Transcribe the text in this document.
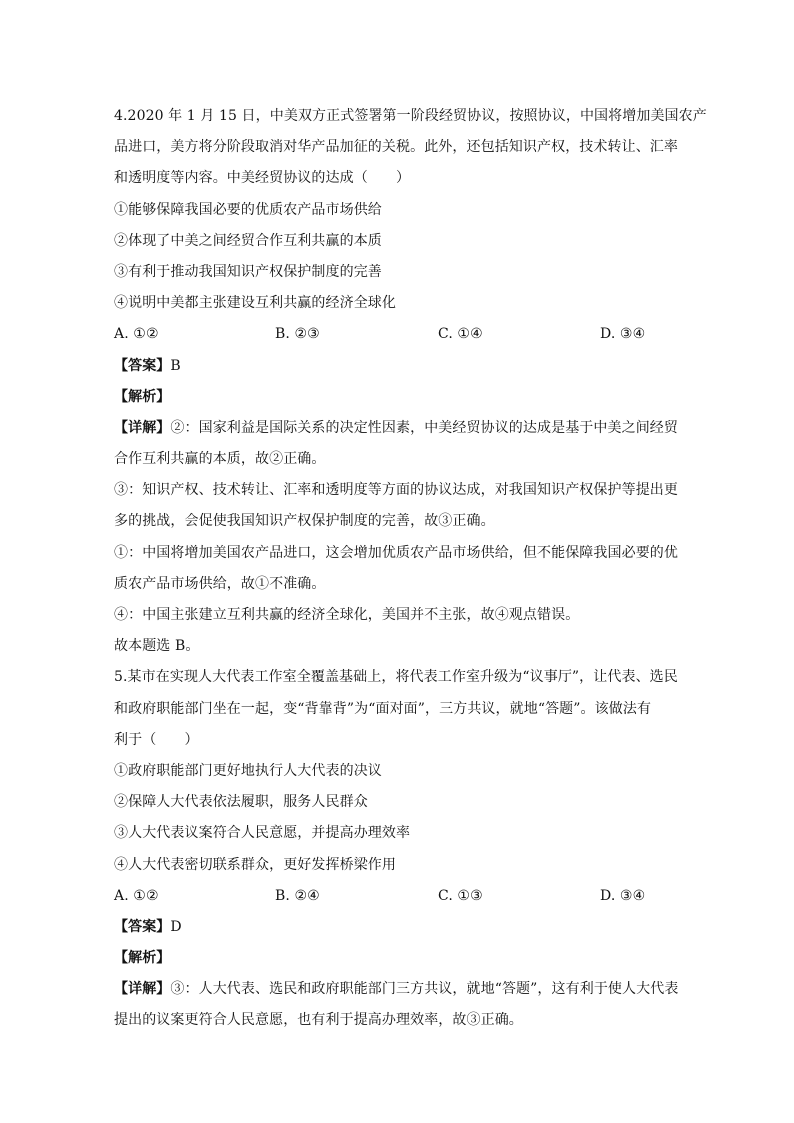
4.2020 年 1 月 15 日，中美双方正式签署第一阶段经贸协议，按照协议，中国将增加美国农产
品进口，美方将分阶段取消对华产品加征的关税。此外，还包括知识产权，技术转让、汇率
和透明度等内容。中美经贸协议的达成（　　）
①能够保障我国必要的优质农产品市场供给
②体现了中美之间经贸合作互利共赢的本质
③有利于推动我国知识产权保护制度的完善
④说明中美都主张建设互利共赢的经济全球化
A. ①②	B. ②③	C. ①④	D. ③④
【答案】B
【解析】
【详解】②：国家利益是国际关系的决定性因素，中美经贸协议的达成是基于中美之间经贸
合作互利共赢的本质，故②正确。
③：知识产权、技术转让、汇率和透明度等方面的协议达成，对我国知识产权保护等提出更
多的挑战，会促使我国知识产权保护制度的完善，故③正确。
①：中国将增加美国农产品进口，这会增加优质农产品市场供给，但不能保障我国必要的优
质农产品市场供给，故①不准确。
④：中国主张建立互利共赢的经济全球化，美国并不主张，故④观点错误。
故本题选 B。
5.某市在实现人大代表工作室全覆盖基础上，将代表工作室升级为“议事厅”，让代表、选民
和政府职能部门坐在一起，变“背靠背”为“面对面”，三方共议，就地“答题”。该做法有
利于（　　）
①政府职能部门更好地执行人大代表的决议
②保障人大代表依法履职，服务人民群众
③人大代表议案符合人民意愿，并提高办理效率
④人大代表密切联系群众，更好发挥桥梁作用
A. ①②	B. ②④	C. ①③	D. ③④
【答案】D
【解析】
【详解】③：人大代表、选民和政府职能部门三方共议，就地“答题”，这有利于使人大代表
提出的议案更符合人民意愿，也有利于提高办理效率，故③正确。
